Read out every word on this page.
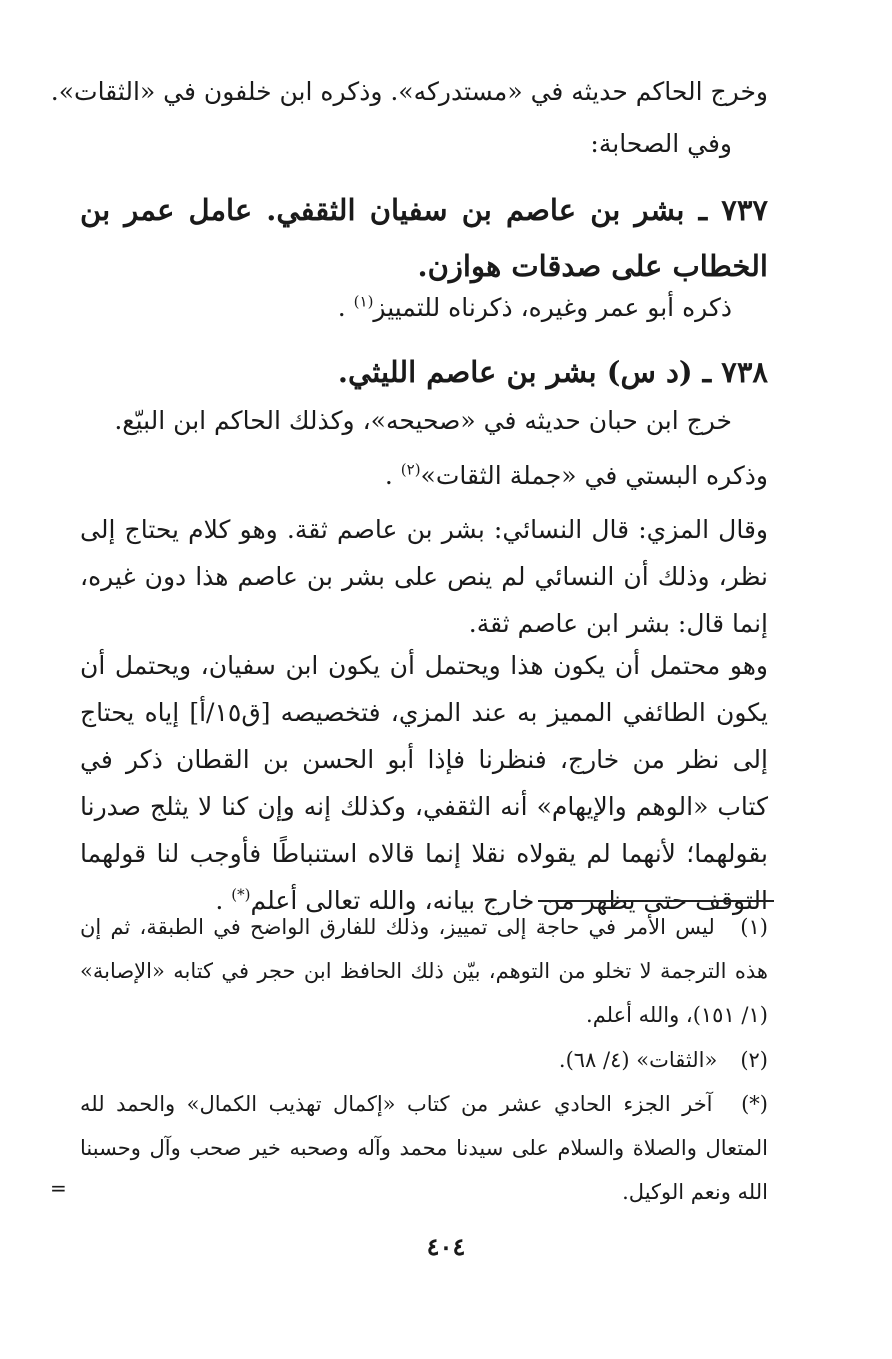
وخرج الحاكم حديثه في «مستدركه». وذكره ابن خلفون في «الثقات».
وفي الصحابة:
٧٣٧ ـ بشر بن عاصم بن سفيان الثقفي. عامل عمر بن الخطاب على صدقات هوازن.
ذكره أبو عمر وغيره، ذكرناه للتمييز$^{(١)}$ .
٧٣٨ ـ (د س) بشر بن عاصم الليثي.
خرج ابن حبان حديثه في «صحيحه»، وكذلك الحاكم ابن البيّع.
وذكره البستي في «جملة الثقات»$^{(٢)}$ .
وقال المزي: قال النسائي: بشر بن عاصم ثقة. وهو كلام يحتاج إلى نظر، وذلك أن النسائي لم ينص على بشر بن عاصم هذا دون غيره، إنما قال: بشر ابن عاصم ثقة.
وهو محتمل أن يكون هذا ويحتمل أن يكون ابن سفيان، ويحتمل أن يكون الطائفي المميز به عند المزي، فتخصيصه [ق١٥/أ] إياه يحتاج إلى نظر من خارج، فنظرنا فإذا أبو الحسن بن القطان ذكر في كتاب «الوهم والإيهام» أنه الثقفي، وكذلك إنه وإن كنا لا يثلج صدرنا بقولهما؛ لأنهما لم يقولاه نقلا إنما قالاه استنباطًا فأوجب لنا قولهما التوقف حتى يظهر من خارج بيانه، والله تعالى أعلم(*) .
(١) ليس الأمر في حاجة إلى تمييز، وذلك للفارق الواضح في الطبقة، ثم إن هذه الترجمة لا تخلو من التوهم، بيّن ذلك الحافظ ابن حجر في كتابه «الإصابة» (١/ ١٥١)، والله أعلم.
(٢) «الثقات» (٤/ ٦٨).
(*) آخر الجزء الحادي عشر من كتاب «إكمال تهذيب الكمال» والحمد لله المتعال والصلاة والسلام على سيدنا محمد وآله وصحبه خير صحب وآل وحسبنا الله ونعم الوكيل.
=
٤٠٤
